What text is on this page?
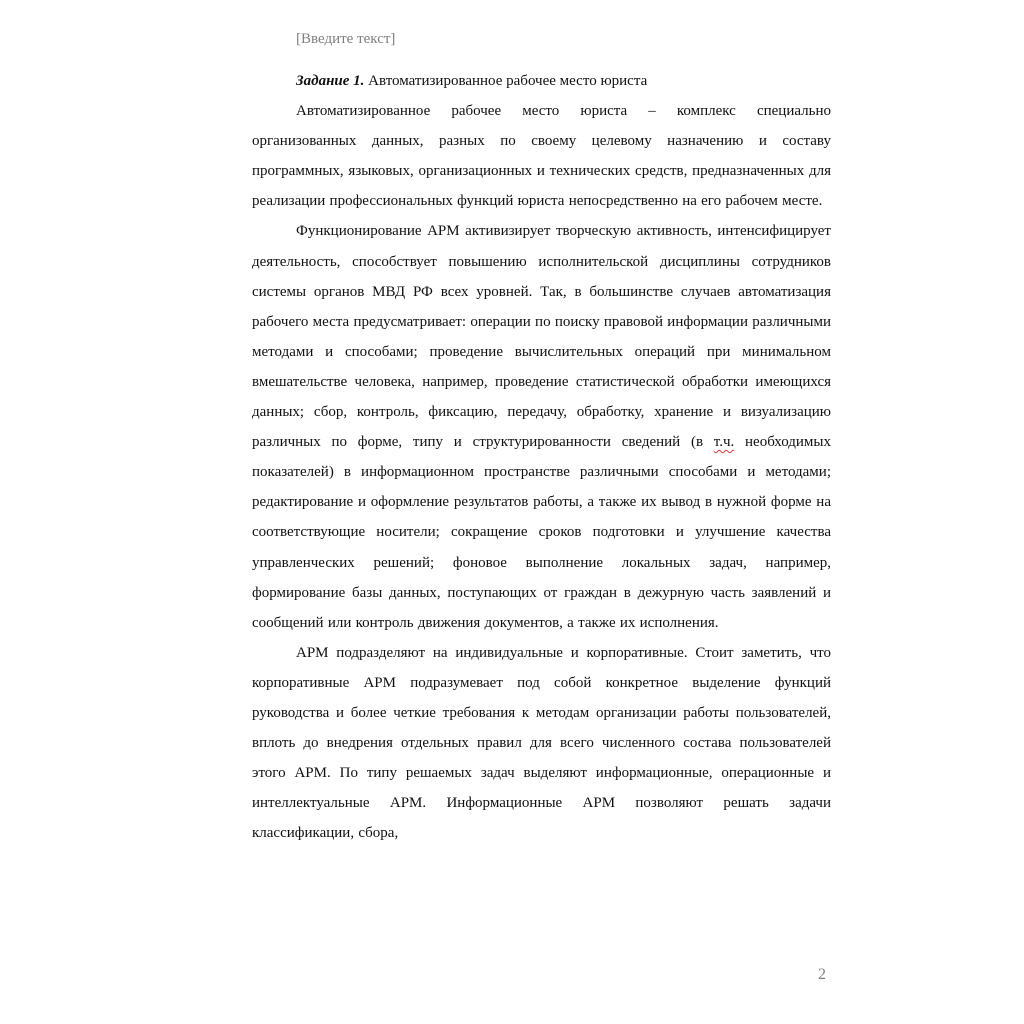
[Введите текст]

Задание 1. Автоматизированное рабочее место юриста

Автоматизированное рабочее место юриста – комплекс специально организованных данных, разных по своему целевому назначению и составу программных, языковых, организационных и технических средств, предназначенных для реализации профессиональных функций юриста непосредственно на его рабочем месте.

Функционирование АРМ активизирует творческую активность, интенсифицирует деятельность, способствует повышению исполнительской дисциплины сотрудников системы органов МВД РФ всех уровней. Так, в большинстве случаев автоматизация рабочего места предусматривает: операции по поиску правовой информации различными методами и способами; проведение вычислительных операций при минимальном вмешательстве человека, например, проведение статистической обработки имеющихся данных; сбор, контроль, фиксацию, передачу, обработку, хранение и визуализацию различных по форме, типу и структурированности сведений (в т.ч. необходимых показателей) в информационном пространстве различными способами и методами; редактирование и оформление результатов работы, а также их вывод в нужной форме на соответствующие носители; сокращение сроков подготовки и улучшение качества управленческих решений; фоновое выполнение локальных задач, например, формирование базы данных, поступающих от граждан в дежурную часть заявлений и сообщений или контроль движения документов, а также их исполнения.

АРМ подразделяют на индивидуальные и корпоративные. Стоит заметить, что корпоративные АРМ подразумевает под собой конкретное выделение функций руководства и более четкие требования к методам организации работы пользователей, вплоть до внедрения отдельных правил для всего численного состава пользователей этого АРМ. По типу решаемых задач выделяют информационные, операционные и интеллектуальные АРМ. Информационные АРМ позволяют решать задачи классификации, сбора,

2
